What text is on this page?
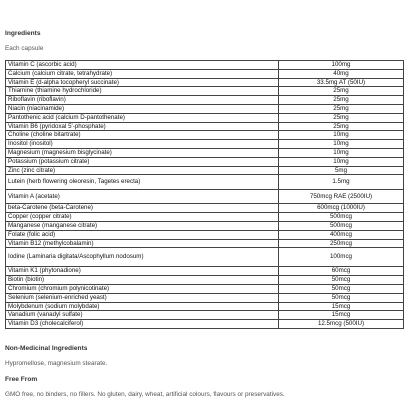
Ingredients
Each capsule
Vitamin C (ascorbic acid)	100mg
Calcium (calcium citrate, tetrahydrate)	40mg
Vitamin E (d-alpha tocopheryl succinate)	33.5mg AT (50IU)
Thiamine (thiamine hydrochloride)	25mg
Riboflavin (riboflavin)	25mg
Niacin (niacinamide)	25mg
Pantothenic acid (calcium D-pantothenate)	25mg
Vitamin B6 (pyridoxal 5'-phosphate)	25mg
Choline (choline bitartrate)	10mg
Inositol (inositol)	10mg
Magnesium (magnesium bisglycinate)	10mg
Potassium (potassium citrate)	10mg
Zinc (zinc citrate)	5mg
Lutein (herb flowering oleoresin, Tagetes erecta)	1.5mg
Vitamin A (acetate)	750mcg RAE (2500IU)
beta-Carotene (beta-Carotene)	600mcg (1000IU)
Copper (copper citrate)	500mcg
Manganese (manganese citrate)	500mcg
Folate (folic acid)	400mcg
Vitamin B12 (methylcobalamin)	250mcg
Iodine (Laminaria digitata/Ascophyllum nodosum)	100mcg
Vitamin K1 (phytonadione)	60mcg
Biotin (biotin)	50mcg
Chromium (chromium polynicotinate)	50mcg
Selenium (selenium-enriched yeast)	50mcg
Molybdenum (sodium molybdate)	15mcg
Vanadium (vanadyl sulfate)	15mcg
Vitamin D3 (cholecalciferol)	12.5mcg (500IU)
Non-Medicinal Ingredients
Hypromellose, magnesium stearate.
Free From
GMO free, no binders, no fillers. No gluten, dairy, wheat, artificial colours, flavours or preservatives.
